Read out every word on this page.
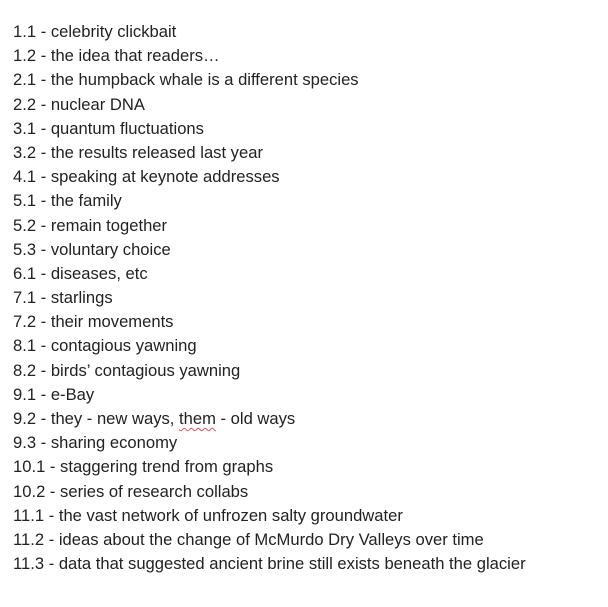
1.1 - celebrity clickbait
1.2 - the idea that readers…
2.1 - the humpback whale is a different species
2.2 - nuclear DNA
3.1 - quantum fluctuations
3.2 - the results released last year
4.1 - speaking at keynote addresses
5.1 - the family
5.2 - remain together
5.3 - voluntary choice
6.1 - diseases, etc
7.1 - starlings
7.2 - their movements
8.1 - contagious yawning
8.2 - birds’ contagious yawning
9.1 - e-Bay
9.2 - they - new ways, them - old ways
9.3 - sharing economy
10.1 - staggering trend from graphs
10.2 - series of research collabs
11.1 - the vast network of unfrozen salty groundwater
11.2 - ideas about the change of McMurdo Dry Valleys over time
11.3 - data that suggested ancient brine still exists beneath the glacier
